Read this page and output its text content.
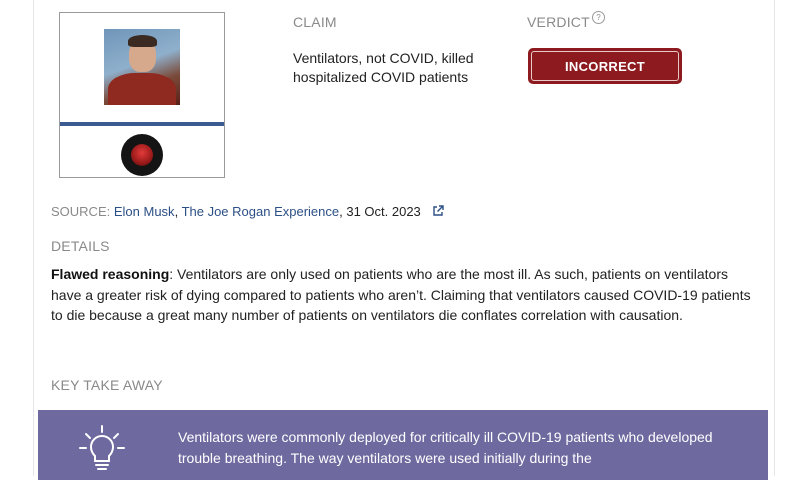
CLAIM
Ventilators, not COVID, killed hospitalized COVID patients
VERDICT ?
INCORRECT
SOURCE: Elon Musk, The Joe Rogan Experience, 31 Oct. 2023
DETAILS
Flawed reasoning: Ventilators are only used on patients who are the most ill. As such, patients on ventilators have a greater risk of dying compared to patients who aren’t. Claiming that ventilators caused COVID-19 patients to die because a great many number of patients on ventilators die conflates correlation with causation.
KEY TAKE AWAY
Ventilators were commonly deployed for critically ill COVID-19 patients who developed trouble breathing. The way ventilators were used initially during the
